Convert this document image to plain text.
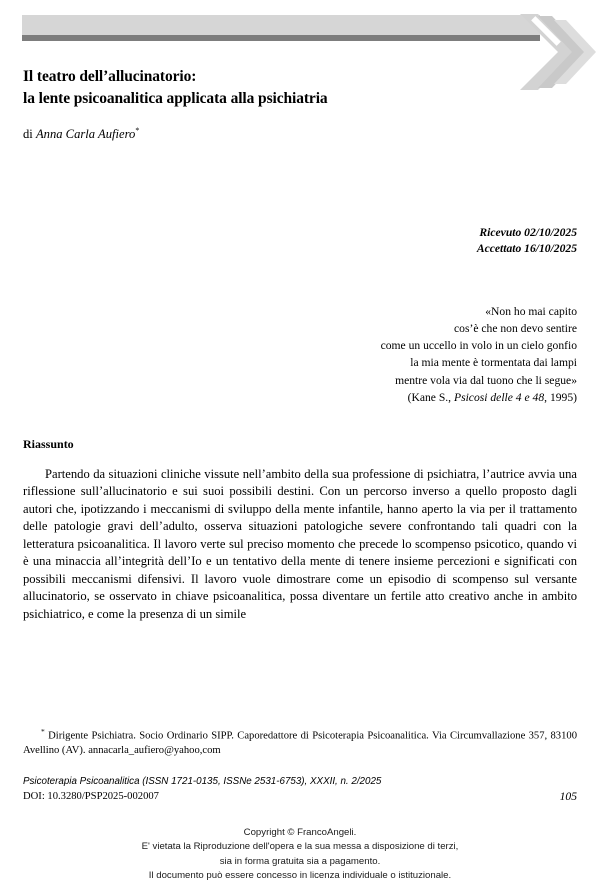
Il teatro dell’allucinatorio:
la lente psicoanalitica applicata alla psichiatria
di Anna Carla Aufiero*
Ricevuto 02/10/2025
Accettato 16/10/2025
«Non ho mai capito
cos’è che non devo sentire
come un uccello in volo in un cielo gonfio
la mia mente è tormentata dai lampi
mentre vola via dal tuono che li segue»
(Kane S., Psicosi delle 4 e 48, 1995)
Riassunto
Partendo da situazioni cliniche vissute nell’ambito della sua professione di psichiatra, l’autrice avvia una riflessione sull’allucinatorio e sui suoi possibili destini. Con un percorso inverso a quello proposto dagli autori che, ipotizzando i meccanismi di sviluppo della mente infantile, hanno aperto la via per il trattamento delle patologie gravi dell’adulto, osserva situazioni patologiche severe confrontando tali quadri con la letteratura psicoanalitica. Il lavoro verte sul preciso momento che precede lo scompenso psicotico, quando vi è una minaccia all’integrità dell’Io e un tentativo della mente di tenere insieme percezioni e significati con possibili meccanismi difensivi. Il lavoro vuole dimostrare come un episodio di scompenso sul versante allucinatorio, se osservato in chiave psicoanalitica, possa diventare un fertile atto creativo anche in ambito psichiatrico, e come la presenza di un simile
* Dirigente Psichiatra. Socio Ordinario SIPP. Caporedattore di Psicoterapia Psicoanalitica. Via Circumvallazione 357, 83100 Avellino (AV). annacarla_aufiero@yahoo,com
Psicoterapia Psicoanalitica (ISSN 1721-0135, ISSNe 2531-6753), XXXII, n. 2/2025
DOI: 10.3280/PSP2025-002007	105
Copyright © FrancoAngeli.
E' vietata la Riproduzione dell'opera e la sua messa a disposizione di terzi,
sia in forma gratuita sia a pagamento.
Il documento può essere concesso in licenza individuale o istituzionale.
